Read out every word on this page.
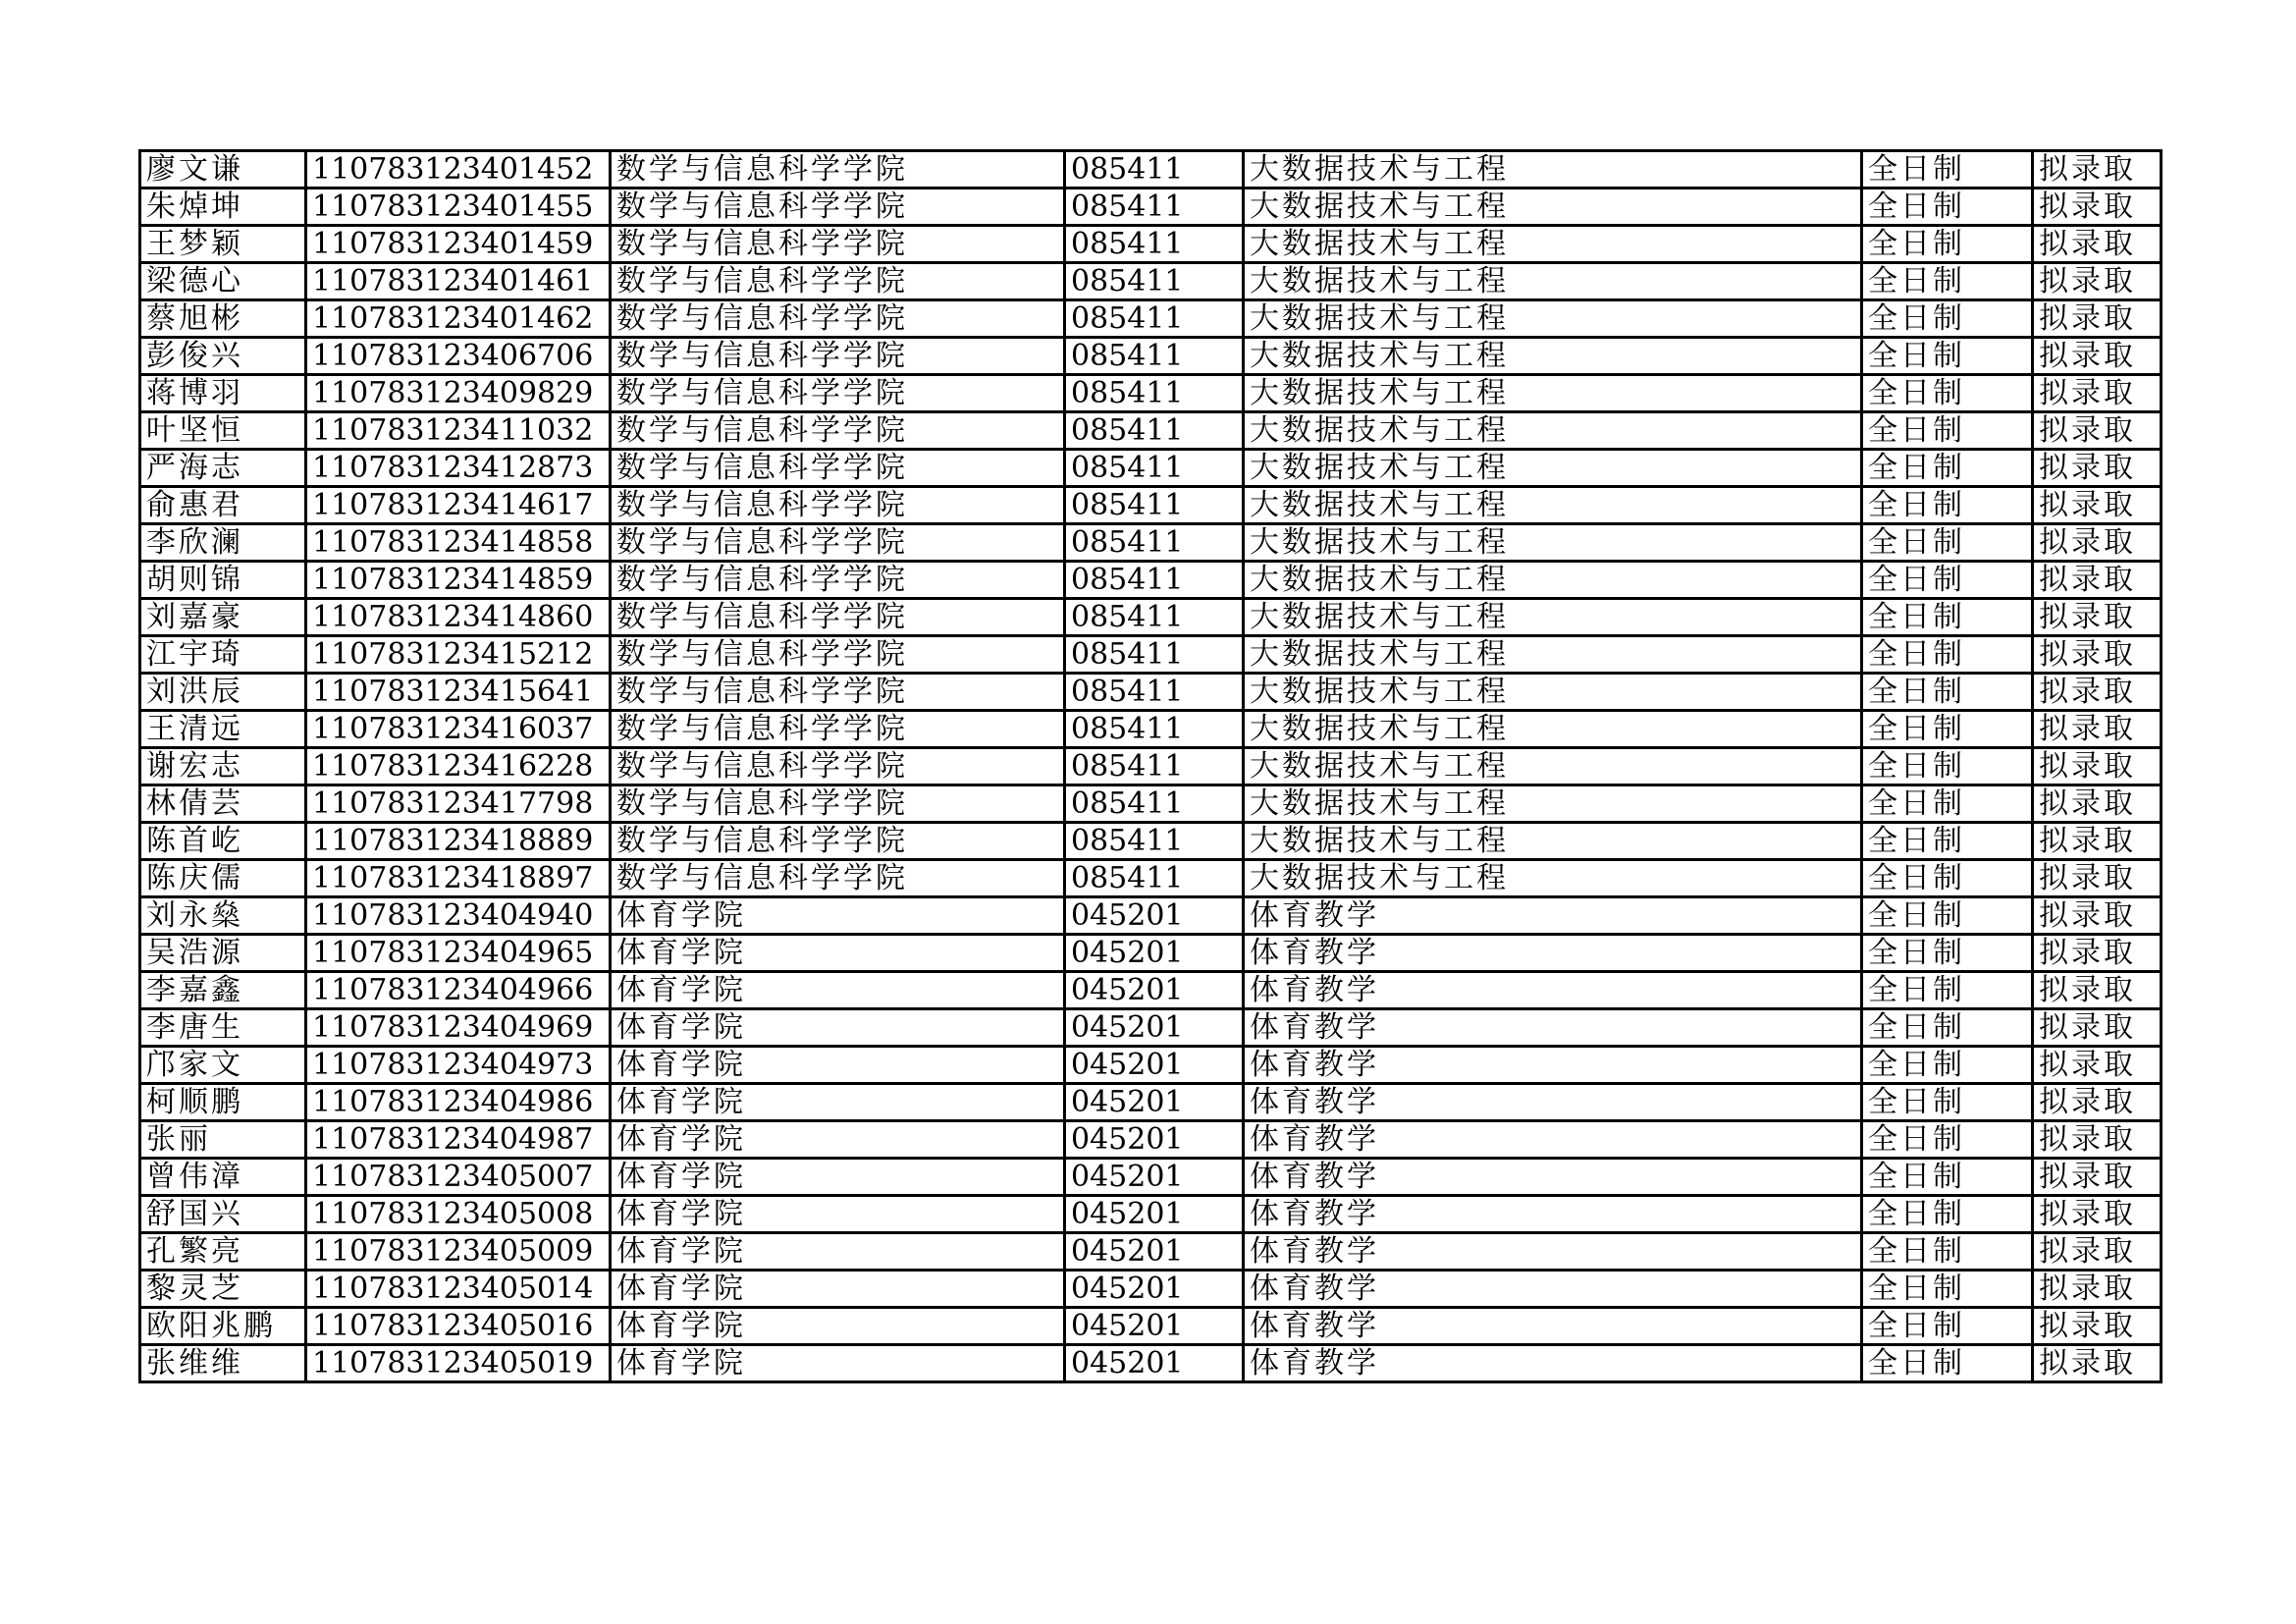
廖文谦	110783123401452	数学与信息科学学院	085411	大数据技术与工程	全日制	拟录取
朱焯坤	110783123401455	数学与信息科学学院	085411	大数据技术与工程	全日制	拟录取
王梦颖	110783123401459	数学与信息科学学院	085411	大数据技术与工程	全日制	拟录取
梁德心	110783123401461	数学与信息科学学院	085411	大数据技术与工程	全日制	拟录取
蔡旭彬	110783123401462	数学与信息科学学院	085411	大数据技术与工程	全日制	拟录取
彭俊兴	110783123406706	数学与信息科学学院	085411	大数据技术与工程	全日制	拟录取
蒋博羽	110783123409829	数学与信息科学学院	085411	大数据技术与工程	全日制	拟录取
叶坚恒	110783123411032	数学与信息科学学院	085411	大数据技术与工程	全日制	拟录取
严海志	110783123412873	数学与信息科学学院	085411	大数据技术与工程	全日制	拟录取
俞惠君	110783123414617	数学与信息科学学院	085411	大数据技术与工程	全日制	拟录取
李欣澜	110783123414858	数学与信息科学学院	085411	大数据技术与工程	全日制	拟录取
胡则锦	110783123414859	数学与信息科学学院	085411	大数据技术与工程	全日制	拟录取
刘嘉豪	110783123414860	数学与信息科学学院	085411	大数据技术与工程	全日制	拟录取
江宇琦	110783123415212	数学与信息科学学院	085411	大数据技术与工程	全日制	拟录取
刘洪辰	110783123415641	数学与信息科学学院	085411	大数据技术与工程	全日制	拟录取
王清远	110783123416037	数学与信息科学学院	085411	大数据技术与工程	全日制	拟录取
谢宏志	110783123416228	数学与信息科学学院	085411	大数据技术与工程	全日制	拟录取
林倩芸	110783123417798	数学与信息科学学院	085411	大数据技术与工程	全日制	拟录取
陈首屹	110783123418889	数学与信息科学学院	085411	大数据技术与工程	全日制	拟录取
陈庆儒	110783123418897	数学与信息科学学院	085411	大数据技术与工程	全日制	拟录取
刘永燊	110783123404940	体育学院	045201	体育教学	全日制	拟录取
吴浩源	110783123404965	体育学院	045201	体育教学	全日制	拟录取
李嘉鑫	110783123404966	体育学院	045201	体育教学	全日制	拟录取
李唐生	110783123404969	体育学院	045201	体育教学	全日制	拟录取
邝家文	110783123404973	体育学院	045201	体育教学	全日制	拟录取
柯顺鹏	110783123404986	体育学院	045201	体育教学	全日制	拟录取
张丽	110783123404987	体育学院	045201	体育教学	全日制	拟录取
曾伟漳	110783123405007	体育学院	045201	体育教学	全日制	拟录取
舒国兴	110783123405008	体育学院	045201	体育教学	全日制	拟录取
孔繁亮	110783123405009	体育学院	045201	体育教学	全日制	拟录取
黎灵芝	110783123405014	体育学院	045201	体育教学	全日制	拟录取
欧阳兆鹏	110783123405016	体育学院	045201	体育教学	全日制	拟录取
张维维	110783123405019	体育学院	045201	体育教学	全日制	拟录取
